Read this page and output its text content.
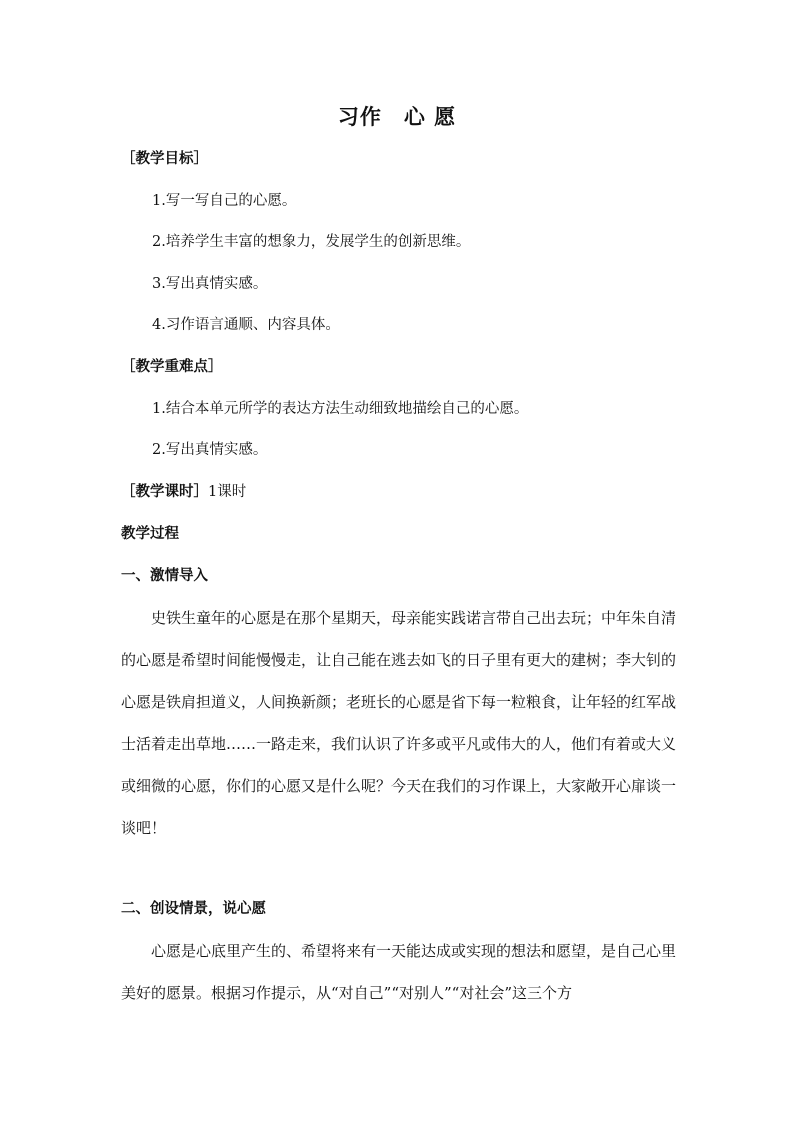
习作　心 愿
［教学目标］
1.写一写自己的心愿。
2.培养学生丰富的想象力，发展学生的创新思维。
3.写出真情实感。
4.习作语言通顺、内容具体。
［教学重难点］
1.结合本单元所学的表达方法生动细致地描绘自己的心愿。
2.写出真情实感。
［教学课时］1课时
教学过程
一、激情导入
史铁生童年的心愿是在那个星期天，母亲能实践诺言带自己出去玩；中年朱自清的心愿是希望时间能慢慢走，让自己能在逃去如飞的日子里有更大的建树；李大钊的心愿是铁肩担道义，人间换新颜；老班长的心愿是省下每一粒粮食，让年轻的红军战士活着走出草地……一路走来，我们认识了许多或平凡或伟大的人，他们有着或大义或细微的心愿，你们的心愿又是什么呢？今天在我们的习作课上，大家敞开心扉谈一谈吧！
二、创设情景，说心愿
心愿是心底里产生的、希望将来有一天能达成或实现的想法和愿望，是自己心里美好的愿景。根据习作提示，从“对自己”“对别人”“对社会”这三个方
